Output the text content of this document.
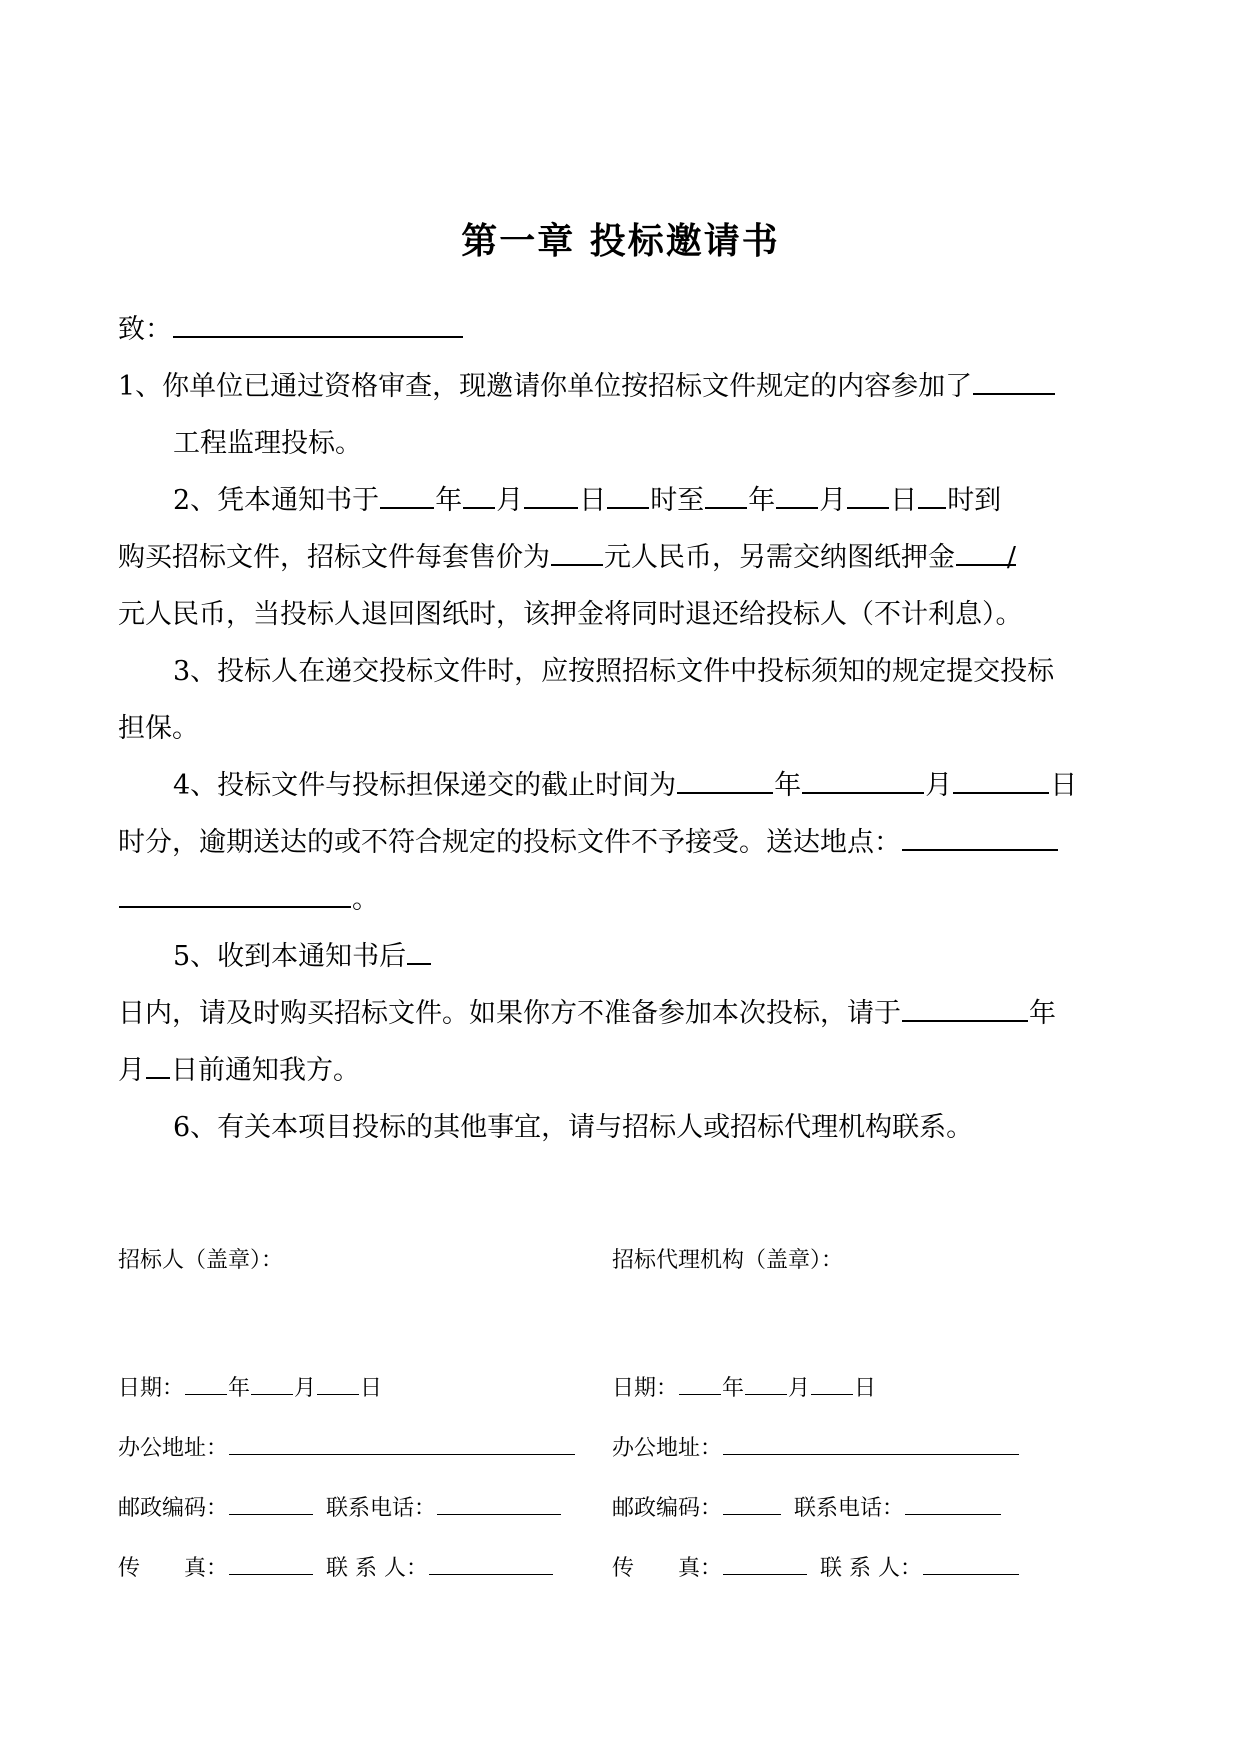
第一章 投标邀请书
致：
1、你单位已通过资格审查，现邀请你单位按招标文件规定的内容参加了
工程监理投标。
2、凭本通知书于 年 月 日 时至 年 月 日 时到
购买招标文件，招标文件每套售价为 元人民币，另需交纳图纸押金 /
元人民币，当投标人退回图纸时，该押金将同时退还给投标人（不计利息）。
3、投标人在递交投标文件时，应按照招标文件中投标须知的规定提交投标
担保。
4、投标文件与投标担保递交的截止时间为	年	月	日
时分，逾期送达的或不符合规定的投标文件不予接受。送达地点：
。
5、收到本通知书后
日内，请及时购买招标文件。如果你方不准备参加本次投标，请于	年
月 日前通知我方。
6、有关本项目投标的其他事宜，请与招标人或招标代理机构联系。
招标人（盖章）：
日期： 年 月 日
办公地址：
邮政编码：	联系电话：
传　　真：	联 系 人：
招标代理机构（盖章）：
日期： 年 月 日
办公地址：
邮政编码：	联系电话：
传　　真：	联 系 人：
